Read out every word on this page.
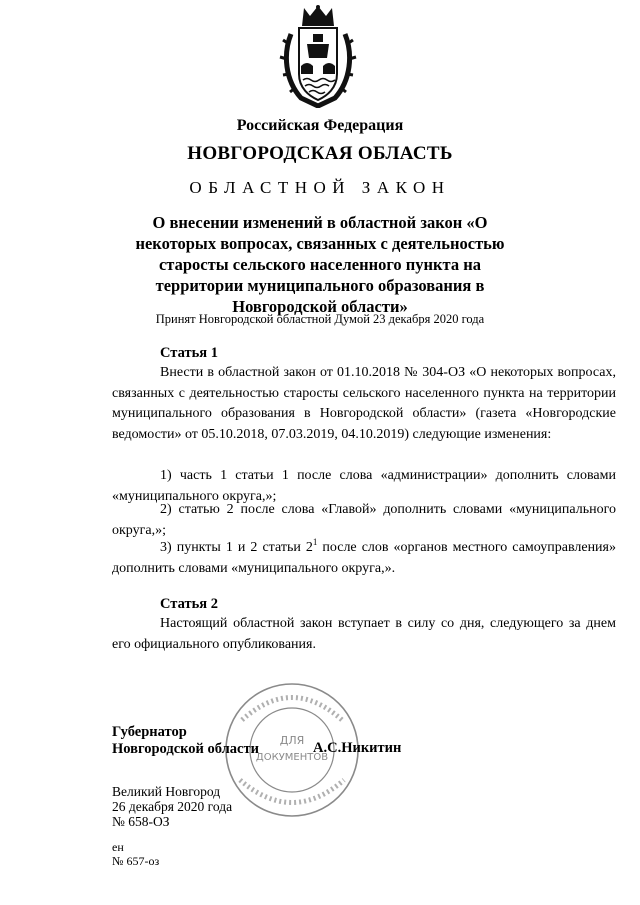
Российская Федерация
НОВГОРОДСКАЯ ОБЛАСТЬ
ОБЛАСТНОЙ ЗАКОН
О внесении изменений в областной закон «О некоторых вопросах, связанных с деятельностью старосты сельского населенного пункта на территории муниципального образования в Новгородской области»
Принят Новгородской областной Думой 23 декабря 2020 года
Статья 1
Внести в областной закон от 01.10.2018 № 304-ОЗ «О некоторых вопросах, связанных с деятельностью старосты сельского населенного пункта на территории муниципального образования в Новгородской области» (газета «Новгородские ведомости» от 05.10.2018, 07.03.2019, 04.10.2019) следующие изменения:
1) часть 1 статьи 1 после слова «администрации» дополнить словами «муниципального округа,»;
2) статью 2 после слова «Главой» дополнить словами «муниципального округа,»;
3) пункты 1 и 2 статьи $2^1$ после слов «органов местного самоуправления» дополнить словами «муниципального округа,».
Статья 2
Настоящий областной закон вступает в силу со дня, следующего за днем его официального опубликования.
ДЛЯ
ДОКУМЕНТОВ
Губернатор
Новгородской области	А.С.Никитин
Великий Новгород
26 декабря 2020 года
№ 658-ОЗ
ен
№ 657-оз
